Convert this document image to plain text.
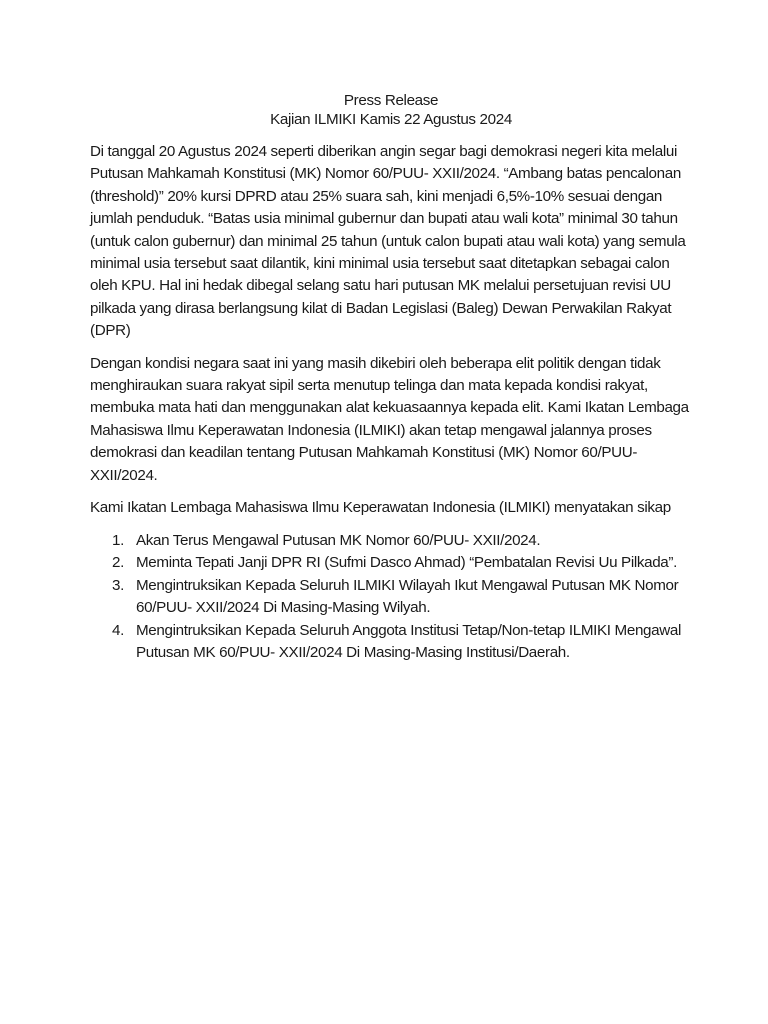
Press Release
Kajian ILMIKI Kamis 22 Agustus 2024

Di tanggal 20 Agustus 2024 seperti diberikan angin segar bagi demokrasi negeri kita melalui Putusan Mahkamah Konstitusi (MK) Nomor 60/PUU- XXII/2024. “Ambang batas pencalonan (threshold)” 20% kursi DPRD atau 25% suara sah, kini menjadi 6,5%-10% sesuai dengan jumlah penduduk. “Batas usia minimal gubernur dan bupati atau wali kota” minimal 30 tahun (untuk calon gubernur) dan minimal 25 tahun (untuk calon bupati atau wali kota) yang semula minimal usia tersebut saat dilantik, kini minimal usia tersebut saat ditetapkan sebagai calon oleh KPU. Hal ini hedak dibegal selang satu hari putusan MK melalui persetujuan revisi UU pilkada yang dirasa berlangsung kilat di Badan Legislasi (Baleg) Dewan Perwakilan Rakyat (DPR)

Dengan kondisi negara saat ini yang masih dikebiri oleh beberapa elit politik dengan tidak menghiraukan suara rakyat sipil serta menutup telinga dan mata kepada kondisi rakyat, membuka mata hati dan menggunakan alat kekuasaannya kepada elit. Kami Ikatan Lembaga Mahasiswa Ilmu Keperawatan Indonesia (ILMIKI) akan tetap mengawal jalannya proses demokrasi dan keadilan tentang Putusan Mahkamah Konstitusi (MK) Nomor 60/PUU- XXII/2024.

Kami Ikatan Lembaga Mahasiswa Ilmu Keperawatan Indonesia (ILMIKI) menyatakan sikap

1. Akan Terus Mengawal Putusan MK Nomor 60/PUU- XXII/2024.
2. Meminta Tepati Janji DPR RI (Sufmi Dasco Ahmad) “Pembatalan Revisi Uu Pilkada”.
3. Mengintruksikan Kepada Seluruh ILMIKI Wilayah Ikut Mengawal Putusan MK Nomor 60/PUU- XXII/2024 Di Masing-Masing Wilyah.
4. Mengintruksikan Kepada Seluruh Anggota Institusi Tetap/Non-tetap ILMIKI Mengawal Putusan MK 60/PUU- XXII/2024 Di Masing-Masing Institusi/Daerah.
